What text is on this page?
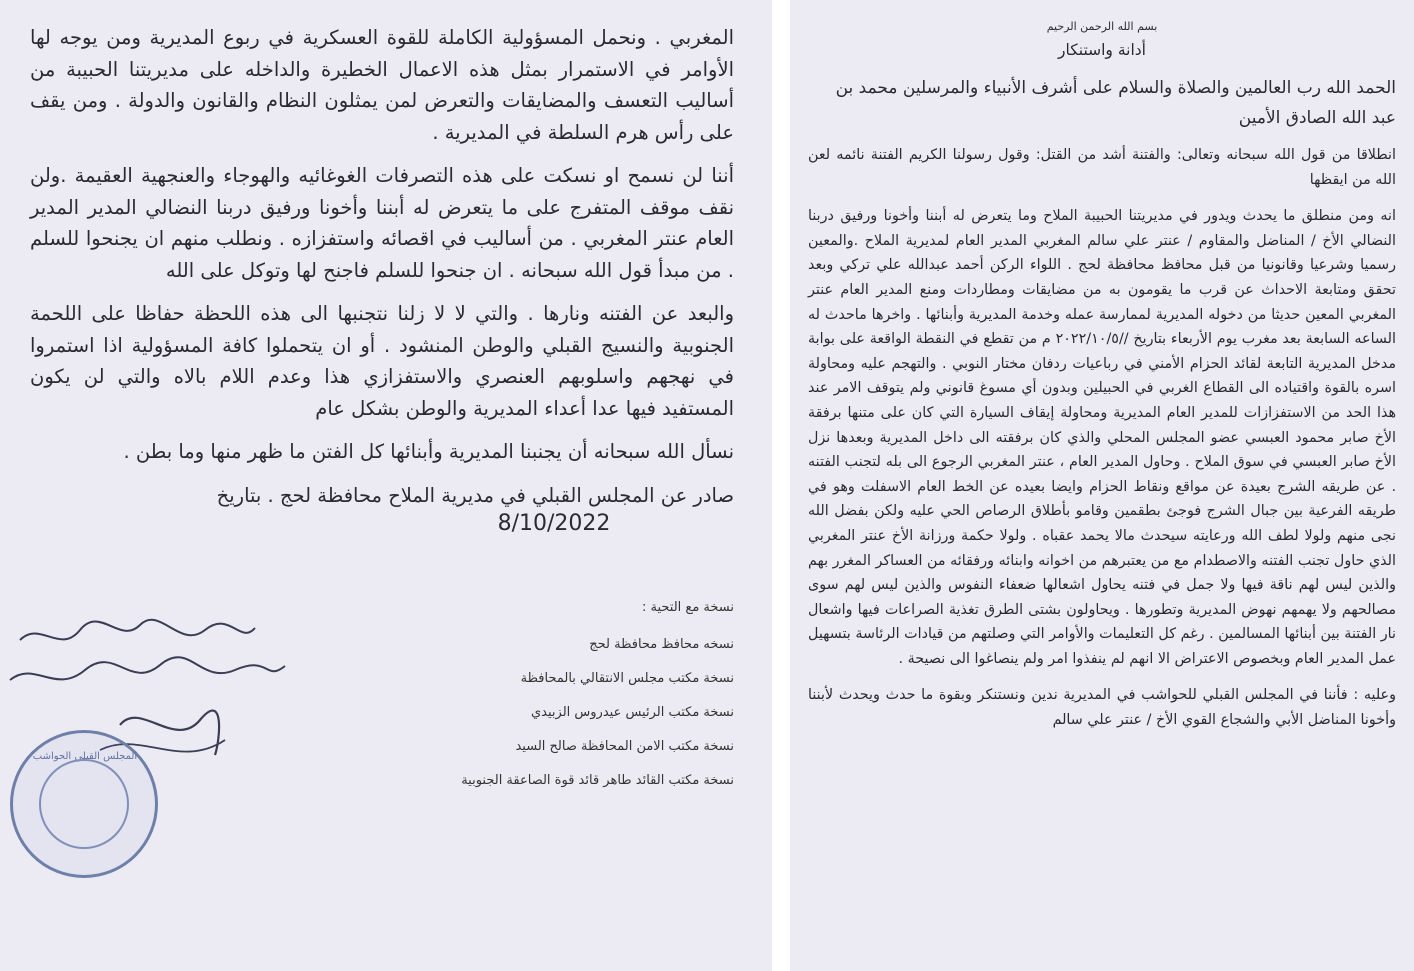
المغربي . ونحمل المسؤولية الكاملة للقوة العسكرية في ربوع المديرية ومن يوجه لها الأوامر في الاستمرار بمثل هذه الاعمال الخطيرة والداخله على مديريتنا الحبيبة من أساليب التعسف والمضايقات والتعرض لمن يمثلون النظام والقانون والدولة . ومن يقف على رأس هرم السلطة في المديرية .

أننا لن نسمح او نسكت على هذه التصرفات الغوغائيه والهوجاء والعنجهية العقيمة .ولن نقف موقف المتفرج على ما يتعرض له أبننا وأخونا ورفيق دربنا النضالي المدير المدير العام عنتر المغربي . من أساليب في اقصائه واستفزازه . ونطلب منهم ان يجنحوا للسلم . من مبدأ قول الله سبحانه . ان جنحوا للسلم فاجنح لها وتوكل على الله

والبعد عن الفتنه ونارها . والتي لا لا زلنا نتجنبها الى هذه اللحظة حفاظا على اللحمة الجنوبية والنسيج القبلي والوطن المنشود . أو ان يتحملوا كافة المسؤولية اذا استمروا في نهجهم واسلوبهم العنصري والاستفزازي هذا وعدم اللام بالاه والتي لن يكون المستفيد فيها عدا أعداء المديرية والوطن بشكل عام

نسأل الله سبحانه أن يجنبنا المديرية وأبنائها كل الفتن ما ظهر منها وما بطن .

صادر عن المجلس القبلي في مديرية الملاح محافظة لحج . بتاريخ

8/10/2022

نسخة مع التحية :

نسخه محافظ محافظة لحج

نسخة مكتب مجلس الانتقالي بالمحافظة

نسخة مكتب الرئيس عيدروس الزبيدي

نسخة مكتب الامن المحافظة صالح السيد

نسخة مكتب القائد طاهر قائد قوة الصاعقة الجنوبية

المجلس القبلي الحواشب

بسم الله الرحمن الرحيم

أدانة واستنكار

الحمد الله رب العالمين والصلاة والسلام على أشرف الأنبياء والمرسلين محمد بن عبد الله الصادق الأمين

انطلاقا من قول الله سبحانه وتعالى: والفتنة أشد من القتل: وقول رسولنا الكريم الفتنة نائمه لعن الله من ايقظها

انه ومن منطلق ما يحدث ويدور في مديريتنا الحبيبة الملاح وما يتعرض له أبننا وأخونا ورفيق دربنا النضالي الأخ / المناضل والمقاوم / عنتر علي سالم المغربي المدير العام لمديرية الملاح .والمعين رسميا وشرعيا وقانونيا من قبل محافظ محافظة لحج . اللواء الركن أحمد عبدالله علي تركي وبعد تحقق ومتابعة الاحداث عن قرب ما يقومون به من مضايقات ومطاردات ومنع المدير العام عنتر المغربي المعين حديثا من دخوله المديرية لممارسة عمله وخدمة المديرية وأبنائها . واخرها ماحدث له الساعه السابعة بعد مغرب يوم الأربعاء بتاريخ //٢٠٢٢/١٠/٥ م من تقطع في النقطة الواقعة على بوابة مدخل المديرية التابعة لقائد الحزام الأمني في رباعيات ردفان مختار النوبي . والتهجم عليه ومحاولة اسره بالقوة واقتياده الى القطاع الغربي في الحبيلين وبدون أي مسوغ قانوني ولم يتوقف الامر عند هذا الحد من الاستفزازات للمدير العام المديرية ومحاولة إيقاف السيارة التي كان على متنها برفقة الأخ صابر محمود العبسي عضو المجلس المحلي والذي كان برفقته الى داخل المديرية وبعدها نزل الأخ صابر العبسي في سوق الملاح . وحاول المدير العام ، عنتر المغربي الرجوع الى بله لتجنب الفتنه . عن طريقه الشرج بعيدة عن مواقع ونقاط الحزام وايضا بعيده عن الخط العام الاسفلت وهو في طريقه الفرعية بين جبال الشرج فوجئ بطقمين وقامو بأطلاق الرصاص الحي عليه ولكن بفضل الله نجى منهم ولولا لطف الله ورعايته سيحدث مالا يحمد عقباه . ولولا حكمة ورزانة الأخ عنتر المغربي الذي حاول تجنب الفتنه والاصطدام مع من يعتبرهم من اخوانه وابنائه ورفقائه من العساكر المغرر بهم والذين ليس لهم ناقة فيها ولا جمل في فتنه يحاول اشعالها ضعفاء النفوس والذين ليس لهم سوى مصالحهم ولا يهمهم نهوض المديرية وتطورها . ويحاولون بشتى الطرق تغذية الصراعات فيها واشعال نار الفتنة بين أبنائها المسالمين . رغم كل التعليمات والأوامر التي وصلتهم من قيادات الرئاسة بتسهيل عمل المدير العام وبخصوص الاعتراض الا انهم لم ينفذوا امر ولم ينصاغوا الى نصيحة .

وعليه : فأننا في المجلس القبلي للحواشب في المديرية ندين ونستنكر وبقوة ما حدث ويحدث لأبننا وأخونا المناضل الأبي والشجاع القوي الأخ / عنتر علي سالم
